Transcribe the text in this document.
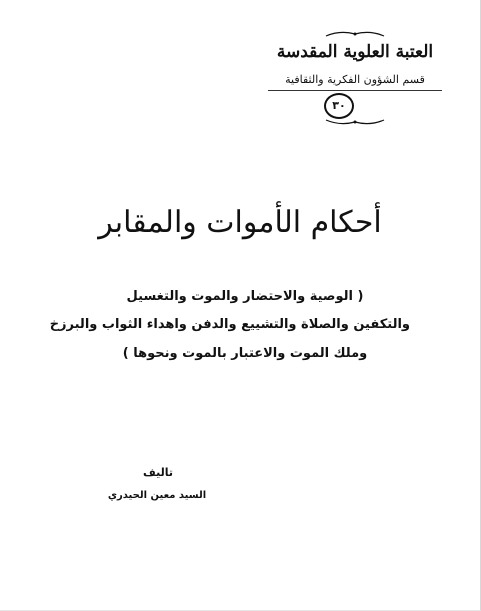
العتبة العلوية المقدسة
قسم الشؤون الفكرية والثقافية
٣٠
أحكام الأموات والمقابر
( الوصية والاحتضار والموت والتغسيل
والتكفين والصلاة والتشييع والدفن واهداء الثواب والبرزخ
وملك الموت والاعتبار بالموت ونحوها )
تاليف
السيد معين الحيدري
